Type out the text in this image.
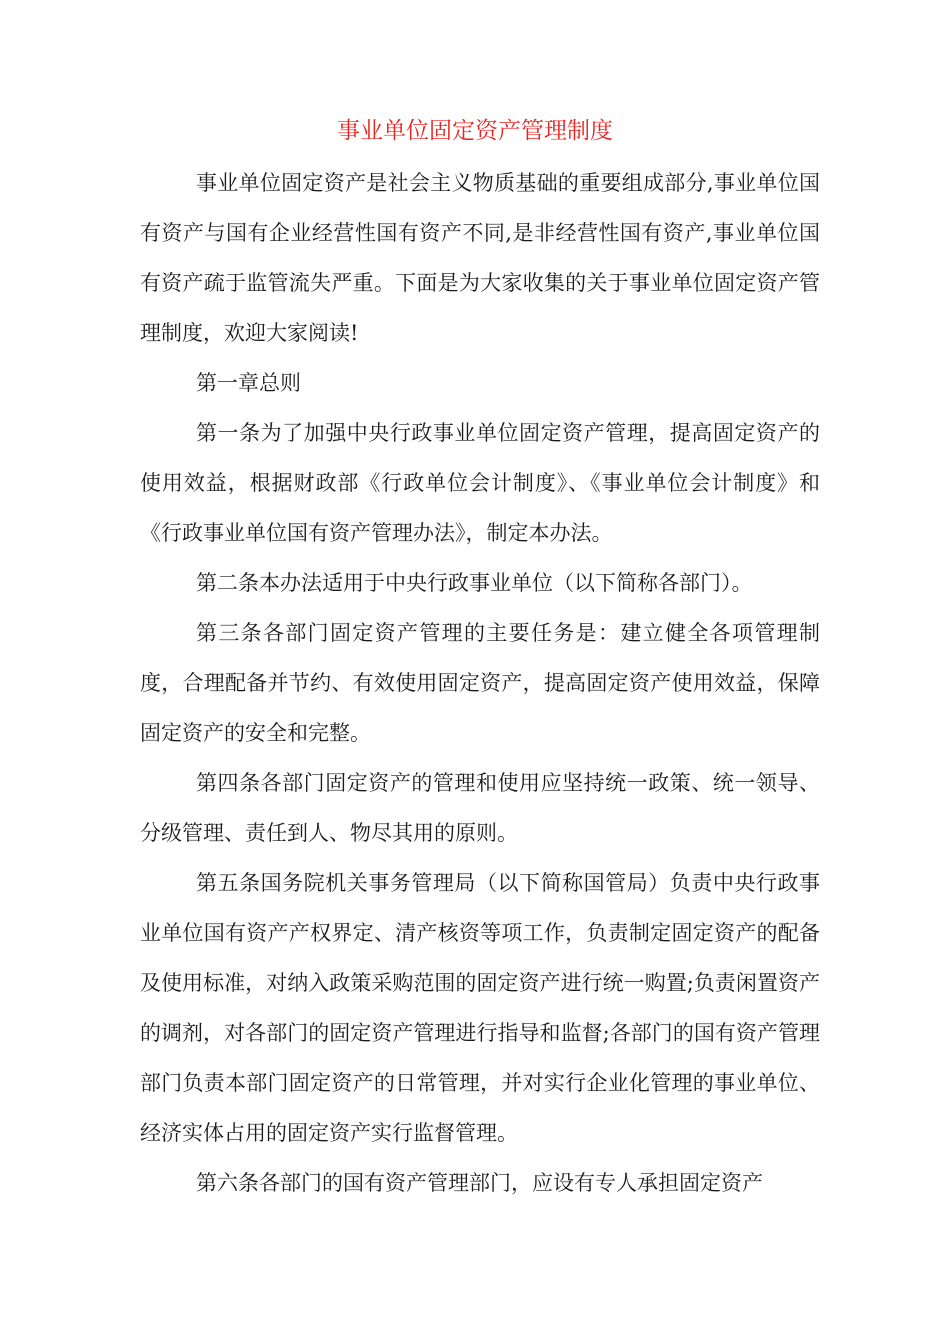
事业单位固定资产管理制度

事业单位固定资产是社会主义物质基础的重要组成部分,事业单位国有资产与国有企业经营性国有资产不同,是非经营性国有资产,事业单位国有资产疏于监管流失严重。下面是为大家收集的关于事业单位固定资产管理制度，欢迎大家阅读!

第一章总则

第一条为了加强中央行政事业单位固定资产管理，提高固定资产的使用效益，根据财政部《行政单位会计制度》、《事业单位会计制度》和《行政事业单位国有资产管理办法》，制定本办法。

第二条本办法适用于中央行政事业单位（以下简称各部门）。

第三条各部门固定资产管理的主要任务是：建立健全各项管理制度，合理配备并节约、有效使用固定资产，提高固定资产使用效益，保障固定资产的安全和完整。

第四条各部门固定资产的管理和使用应坚持统一政策、统一领导、分级管理、责任到人、物尽其用的原则。

第五条国务院机关事务管理局（以下简称国管局）负责中央行政事业单位国有资产产权界定、清产核资等项工作，负责制定固定资产的配备及使用标准，对纳入政策采购范围的固定资产进行统一购置;负责闲置资产的调剂，对各部门的固定资产管理进行指导和监督;各部门的国有资产管理部门负责本部门固定资产的日常管理，并对实行企业化管理的事业单位、经济实体占用的固定资产实行监督管理。

第六条各部门的国有资产管理部门，应设有专人承担固定资产
